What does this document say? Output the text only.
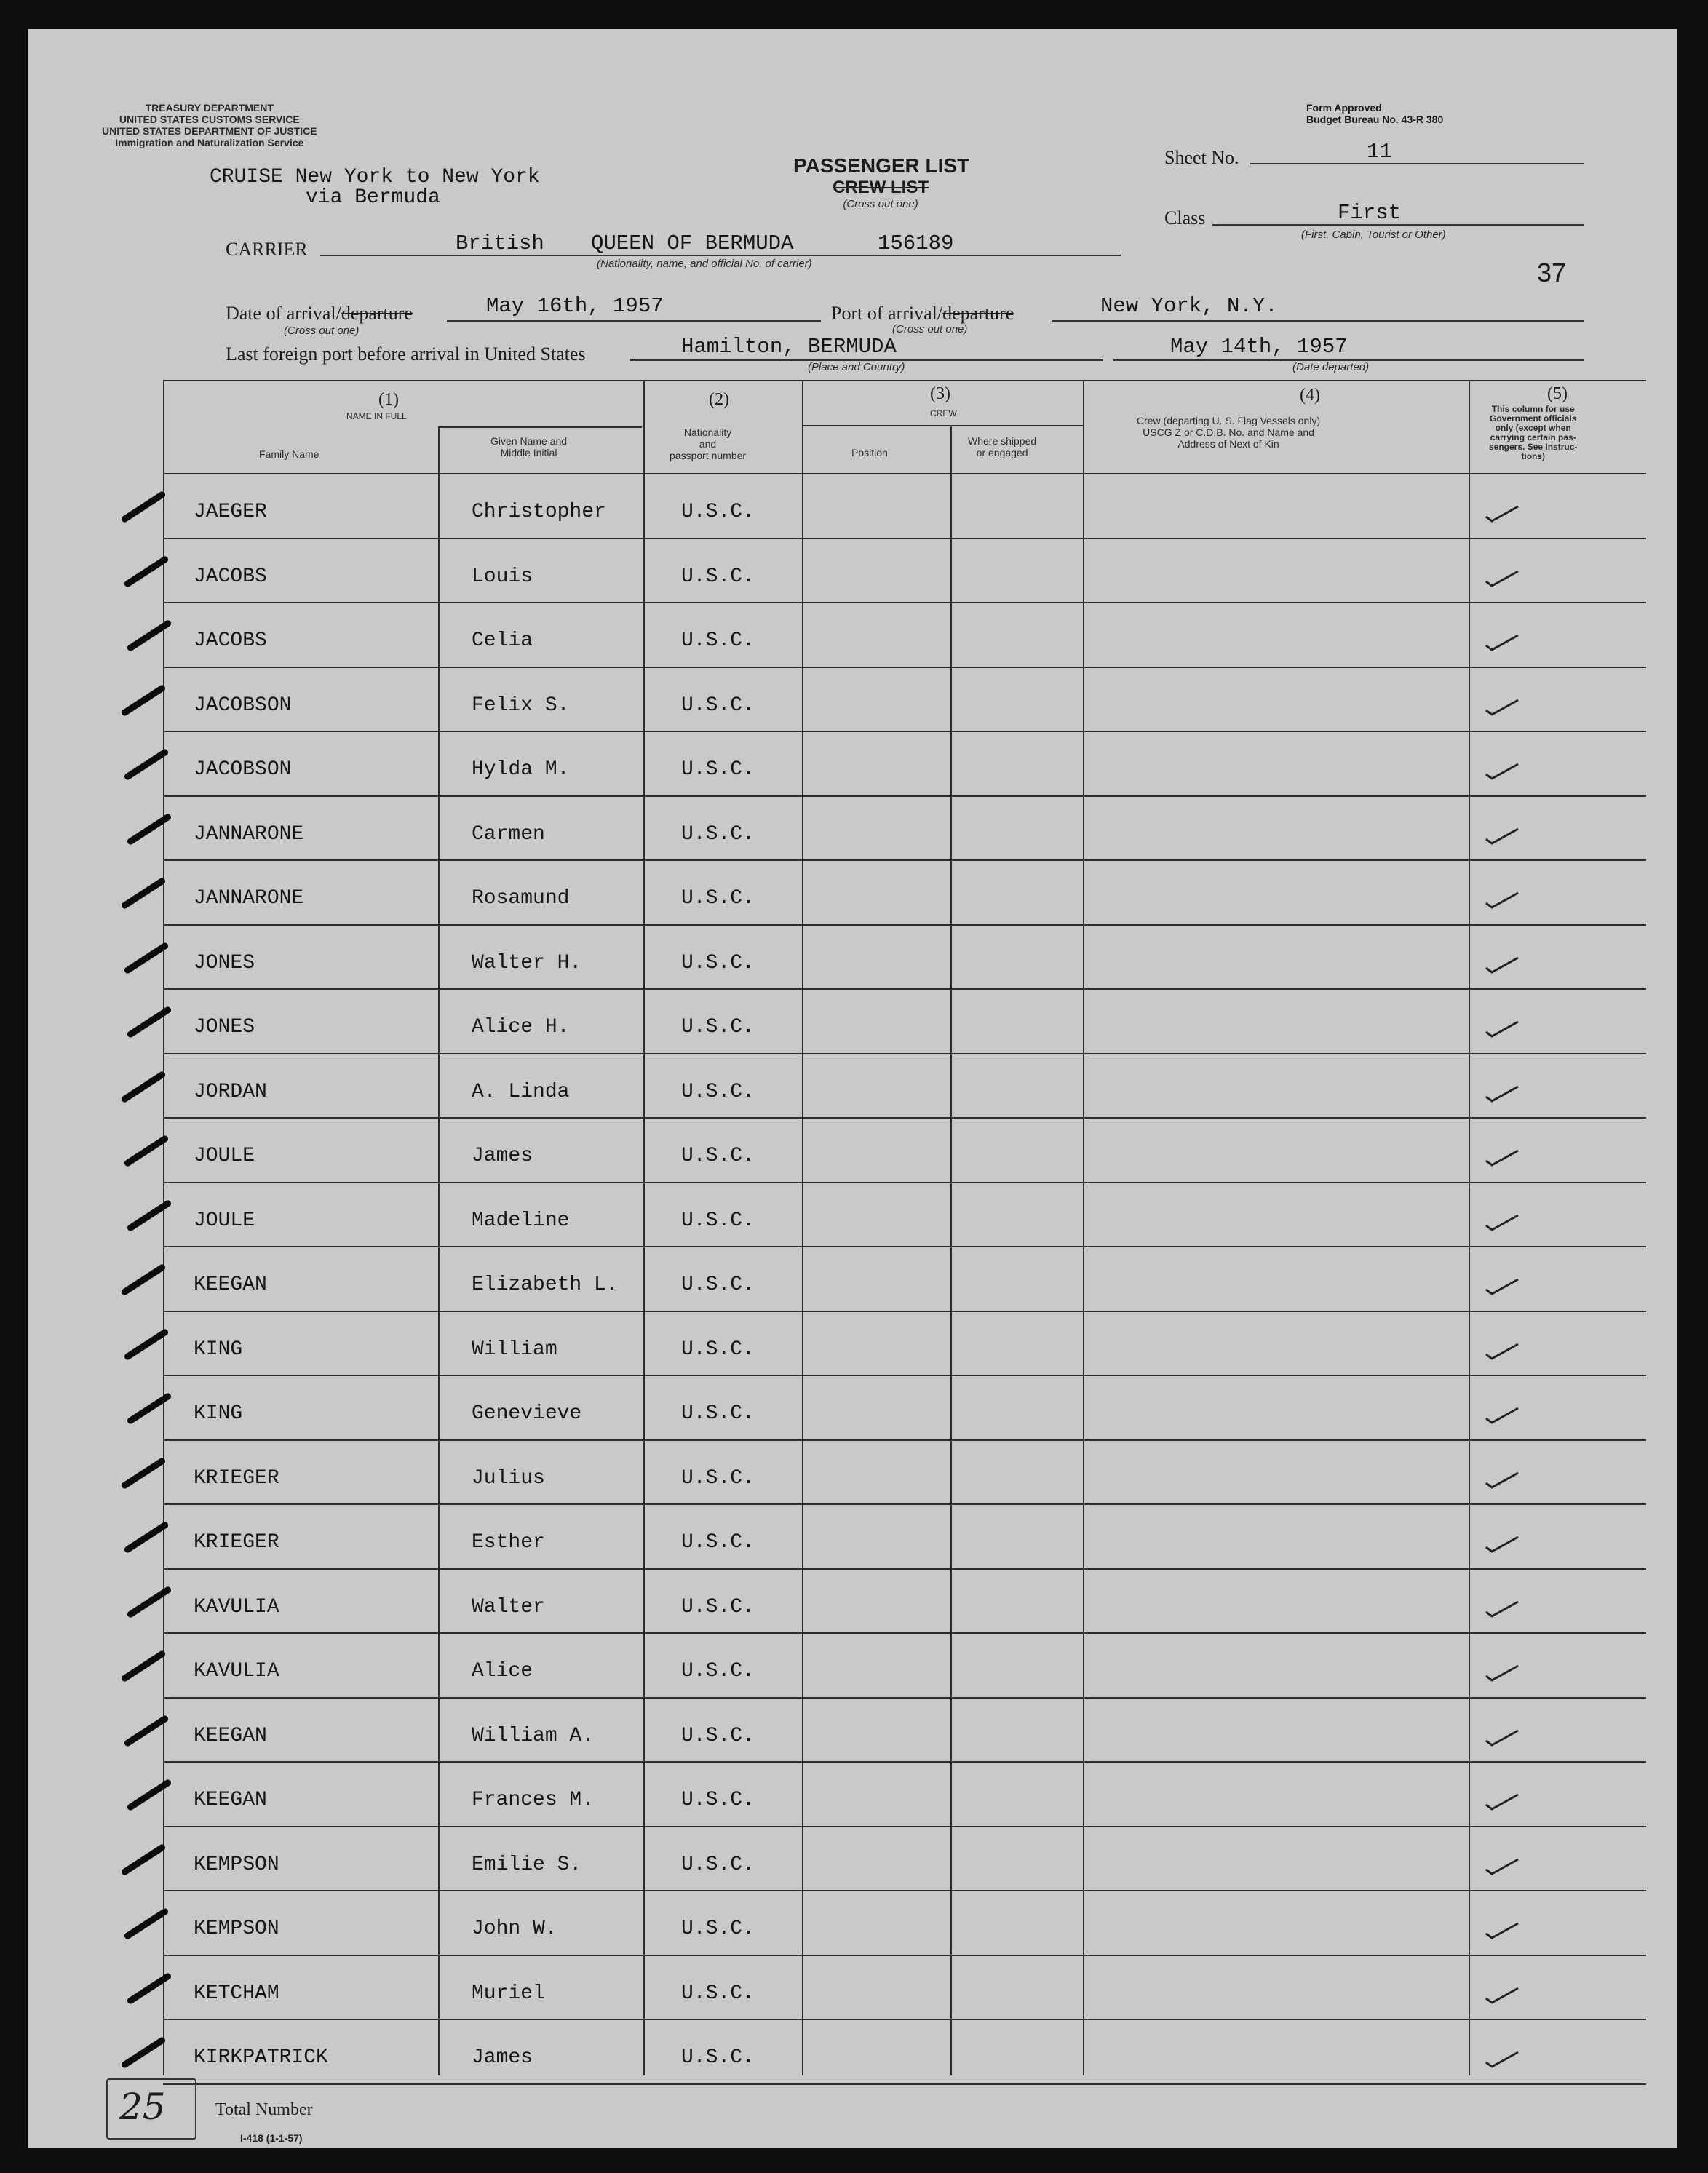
TREASURY DEPARTMENT
UNITED STATES CUSTOMS SERVICE
UNITED STATES DEPARTMENT OF JUSTICE
Immigration and Naturalization Service
Form Approved
Budget Bureau No. 43-R 380
CRUISE New York to New York
via Bermuda
PASSENGER LIST
CREW LIST
(Cross out one)
Sheet No.	11
Class	First
(First, Cabin, Tourist or Other)
37
CARRIER	British QUEEN OF BERMUDA	156189
(Nationality, name, and official No. of carrier)
Date of arrival/departure
(Cross out one)
May 16th, 1957	Port of arrival/departure
(Cross out one)
New York, N.Y.
Last foreign port before arrival in United States	Hamilton, BERMUDA
(Place and Country)
May 14th, 1957
(Date departed)
(1)
NAME IN FULL
Family Name
Given Name and
Middle Initial
(2)
Nationality
and
passport number
(3)
CREW
Position
Where shipped
or engaged
(4)
Crew (departing U. S. Flag Vessels only)
USCG Z or C.D.B. No. and Name and
Address of Next of Kin
(5)
This column for use
Government officials
only (except when
carrying certain pas-
sengers. See Instruc-
tions)
JAEGER	Christopher	U.S.C.
JACOBS	Louis	U.S.C.
JACOBS	Celia	U.S.C.
JACOBSON	Felix S.	U.S.C.
JACOBSON	Hylda M.	U.S.C.
JANNARONE	Carmen	U.S.C.
JANNARONE	Rosamund	U.S.C.
JONES	Walter H.	U.S.C.
JONES	Alice H.	U.S.C.
JORDAN	A. Linda	U.S.C.
JOULE	James	U.S.C.
JOULE	Madeline	U.S.C.
KEEGAN	Elizabeth L.	U.S.C.
KING	William	U.S.C.
KING	Genevieve	U.S.C.
KRIEGER	Julius	U.S.C.
KRIEGER	Esther	U.S.C.
KAVULIA	Walter	U.S.C.
KAVULIA	Alice	U.S.C.
KEEGAN	William A.	U.S.C.
KEEGAN	Frances M.	U.S.C.
KEMPSON	Emilie S.	U.S.C.
KEMPSON	John W.	U.S.C.
KETCHAM	Muriel	U.S.C.
KIRKPATRICK	James	U.S.C.
25	Total Number
I-418 (1-1-57)
